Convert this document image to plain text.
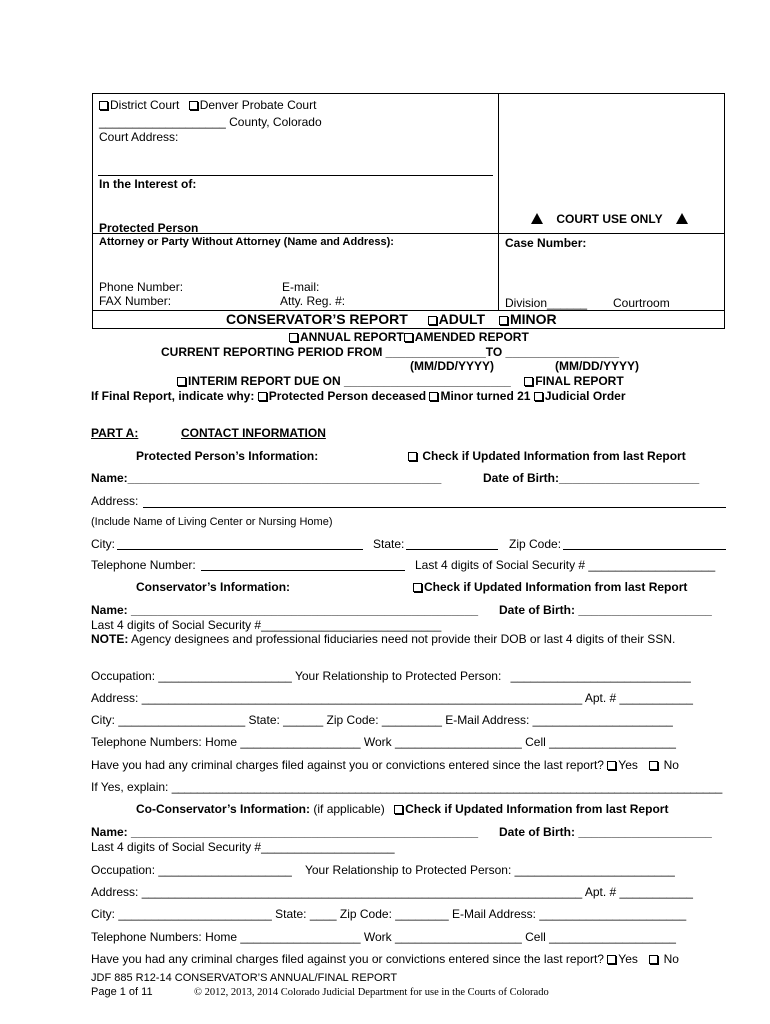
District Court Denver Probate Court
___________________ County, Colorado
Court Address:
In the Interest of:
Protected Person
COURT USE ONLY
Attorney or Party Without Attorney (Name and Address):	Case Number:
Phone Number:
FAX Number:
E-mail:
Atty. Reg. #:	Division______ Courtroom
CONSERVATOR’S REPORT ADULT MINOR
ANNUAL REPORT AMENDED REPORT
CURRENT REPORTING PERIOD FROM _______________TO _________________
(MM/DD/YYYY)	(MM/DD/YYYY)
INTERIM REPORT DUE ON _________________________ FINAL REPORT
If Final Report, indicate why: Protected Person deceased Minor turned 21 Judicial Order
PART A:	CONTACT INFORMATION
Protected Person’s Information:	Check if Updated Information from last Report
Name:_______________________________________________	Date of Birth:_____________________
Address:
(Include Name of Living Center or Nursing Home)
City:	State:	Zip Code:
Telephone Number:	Last 4 digits of Social Security # ___________________
Conservator’s Information:	Check if Updated Information from last Report
Name: ____________________________________________________ Date of Birth: ____________________
Last 4 digits of Social Security #___________________________
NOTE: Agency designees and professional fiduciaries need not provide their DOB or last 4 digits of their SSN.
Occupation: ____________________ Your Relationship to Protected Person: ___________________________
Address: __________________________________________________________________ Apt. # ___________
City: ___________________ State: ______ Zip Code: _________ E-Mail Address: _____________________
Telephone Numbers: Home __________________ Work ___________________ Cell ___________________
Have you had any criminal charges filed against you or convictions entered since the last report? Yes No
If Yes, explain: _______________________________________________________________________________________
Co-Conservator’s Information: (if applicable) Check if Updated Information from last Report
Name: ____________________________________________________ Date of Birth: ____________________
Last 4 digits of Social Security #____________________
Occupation: ____________________    Your Relationship to Protected Person: ________________________
Address: __________________________________________________________________ Apt. # ___________
City: _______________________ State: ____ Zip Code: ________ E-Mail Address: ______________________
Telephone Numbers: Home __________________ Work ___________________ Cell ___________________
Have you had any criminal charges filed against you or convictions entered since the last report? Yes No
JDF 885 R12-14 CONSERVATOR’S ANNUAL/FINAL REPORT
Page 1 of 11	© 2012, 2013, 2014 Colorado Judicial Department for use in the Courts of Colorado
